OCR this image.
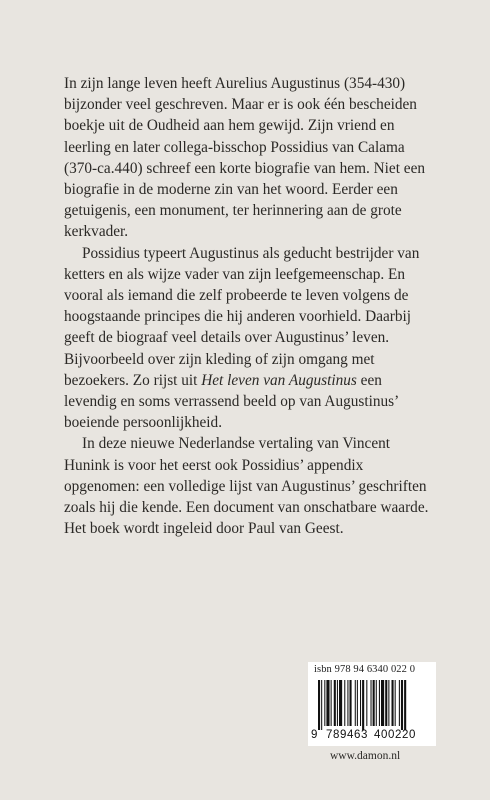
In zijn lange leven heeft Aurelius Augustinus (354-430) bijzonder veel geschreven. Maar er is ook één bescheiden boekje uit de Oudheid aan hem gewijd. Zijn vriend en leerling en later collega-bisschop Possidius van Calama (370-ca.440) schreef een korte biografie van hem. Niet een biografie in de moderne zin van het woord. Eerder een getuigenis, een monument, ter herinnering aan de grote kerkvader.

Possidius typeert Augustinus als geducht bestrijder van ketters en als wijze vader van zijn leefgemeenschap. En vooral als iemand die zelf probeerde te leven volgens de hoogstaande principes die hij anderen voorhield. Daarbij geeft de biograaf veel details over Augustinus’ leven. Bijvoorbeeld over zijn kleding of zijn omgang met bezoekers. Zo rijst uit Het leven van Augustinus een levendig en soms verrassend beeld op van Augustinus’ boeiende persoonlijkheid.

In deze nieuwe Nederlandse vertaling van Vincent Hunink is voor het eerst ook Possidius’ appendix opgenomen: een volledige lijst van Augustinus’ geschriften zoals hij die kende. Een document van onschatbare waarde. Het boek wordt ingeleid door Paul van Geest.

isbn 978 94 6340 022 0
9 789463 400220
www.damon.nl
